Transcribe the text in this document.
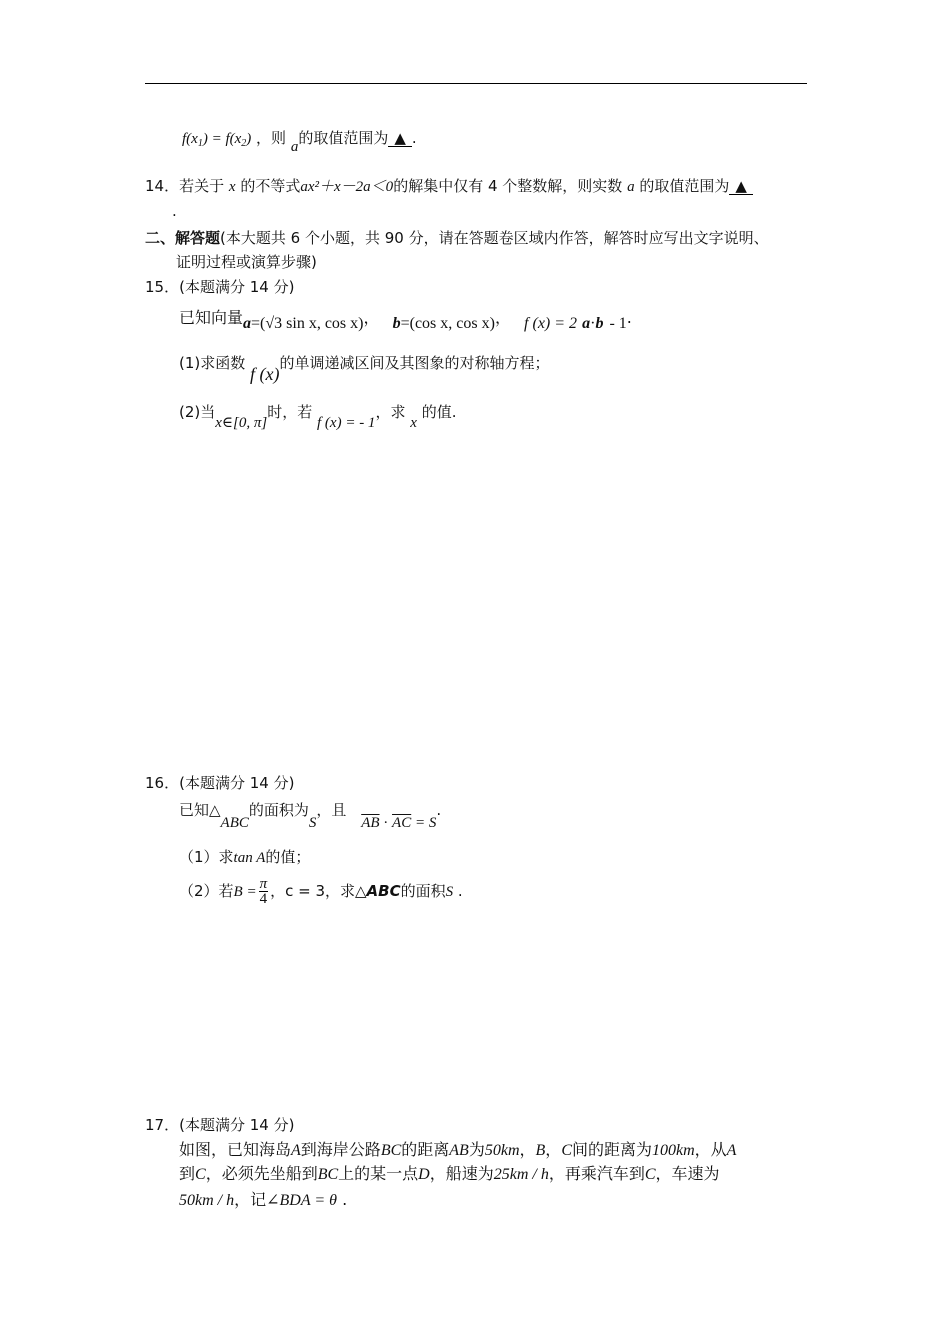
$f(x_1) = f(x_2)$ ，则 a的取值范围为 ▲ .
14．若关于 x 的不等式ax²＋x－2a＜0的解集中仅有 4 个整数解，则实数 a 的取值范围为 ▲
.
二、解答题(本大题共 6 个小题，共 90 分，请在答题卷区域内作答，解答时应写出文字说明、
证明过程或演算步骤)
15．(本题满分 14 分)
已知向量a=(√3 sin x, cos x)， b=(cos x, cos x)， f (x) = 2 a·b - 1.
(1)求函数 f (x)的单调递减区间及其图象的对称轴方程；
(2)当x∈[0, π]时，若 f (x) = - 1，求 x 的值.
16．(本题满分 14 分)
已知△ABC的面积为S，且 $\overline{AB} \cdot \overline{AC} = S$.
（1）求tan A的值；
（2）若$B = \frac{\pi}{4}$ ，c = 3，求△ABC的面积S .
17．(本题满分 14 分)
如图，已知海岛A到海岸公路BC的距离AB为50km，B，C间的距离为100km，从A
到C，必须先坐船到BC上的某一点D，船速为25km / h，再乘汽车到C，车速为
50km / h，记∠BDA = θ .
